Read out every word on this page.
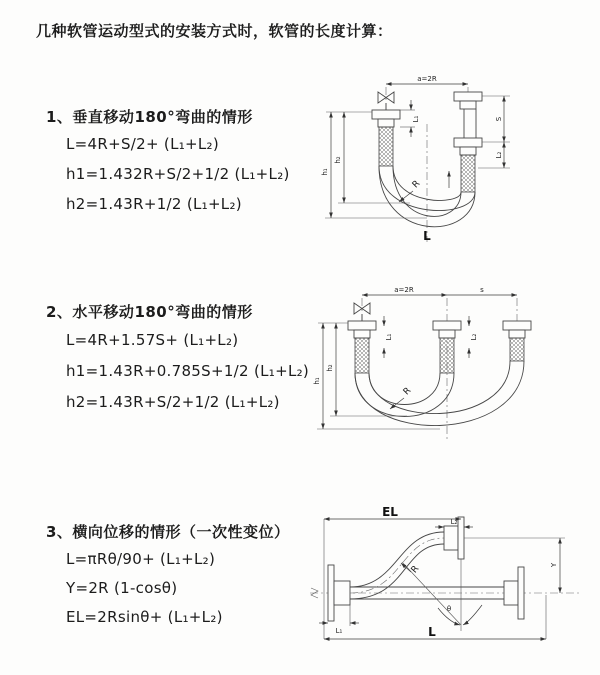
几种软管运动型式的安装方式时，软管的长度计算：
1、垂直移动180°弯曲的情形
L=4R+S/2+ (L₁+L₂)
h1=1.432R+S/2+1/2 (L₁+L₂)
h2=1.43R+1/2 (L₁+L₂)
a=2R
h₂
h₁
L₁	S
L₂
R
L
2、水平移动180°弯曲的情形
L=4R+1.57S+ (L₁+L₂)
h1=1.43R+0.785S+1/2 (L₁+L₂)
h2=1.43R+S/2+1/2 (L₁+L₂)
a=2R	s
L₁	L₂
h₂
h₁
R
3、横向位移的情形（一次性变位）
L=πRθ/90+ (L₁+L₂)
Y=2R (1-cosθ)
EL=2Rsinθ+ (L₁+L₂)
R
θ
EL
L₂
Y
L₁	L
